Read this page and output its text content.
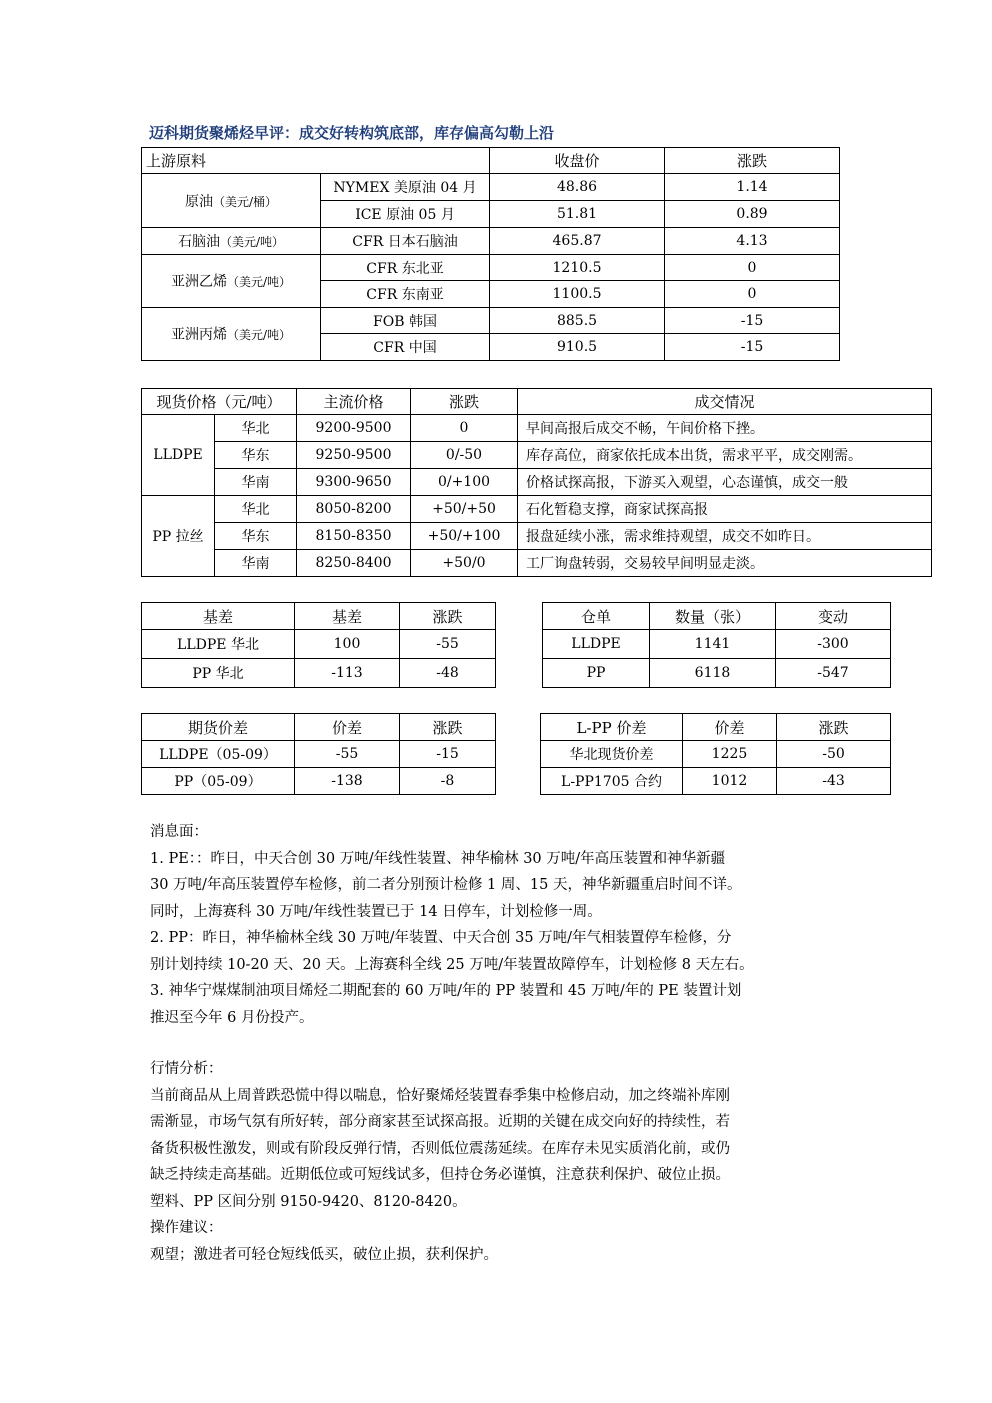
迈科期货聚烯烃早评：成交好转构筑底部，库存偏高勾勒上沿
上游原料		收盘价	涨跌
原油（美元/桶）	NYMEX 美原油 04 月	48.86	1.14
	ICE 原油 05 月	51.81	0.89
石脑油（美元/吨）	CFR 日本石脑油	465.87	4.13
亚洲乙烯（美元/吨）	CFR 东北亚	1210.5	0
	CFR 东南亚	1100.5	0
亚洲丙烯（美元/吨）	FOB 韩国	885.5	-15
	CFR 中国	910.5	-15
现货价格（元/吨）		主流价格	涨跌	成交情况
LLDPE	华北	9200-9500	0	早间高报后成交不畅，午间价格下挫。
	华东	9250-9500	0/-50	库存高位，商家依托成本出货，需求平平，成交刚需。
	华南	9300-9650	0/+100	价格试探高报，下游买入观望，心态谨慎，成交一般
PP 拉丝	华北	8050-8200	+50/+50	石化暂稳支撑，商家试探高报
	华东	8150-8350	+50/+100	报盘延续小涨，需求维持观望，成交不如昨日。
	华南	8250-8400	+50/0	工厂询盘转弱，交易较早间明显走淡。
基差	基差	涨跌
LLDPE 华北	100	-55
PP 华北	-113	-48
仓单	数量（张）	变动
LLDPE	1141	-300
PP	6118	-547
期货价差	价差	涨跌
LLDPE（05-09）	-55	-15
PP（05-09）	-138	-8
L-PP 价差	价差	涨跌
华北现货价差	1225	-50
L-PP1705 合约	1012	-43

消息面：

1. PE：：昨日，中天合创 30 万吨/年线性装置、神华榆林 30 万吨/年高压装置和神华新疆

30 万吨/年高压装置停车检修，前二者分别预计检修 1 周、15 天，神华新疆重启时间不详。

同时，上海赛科 30 万吨/年线性装置已于 14 日停车，计划检修一周。

2. PP：昨日，神华榆林全线 30 万吨/年装置、中天合创 35 万吨/年气相装置停车检修，分

别计划持续 10-20 天、20 天。上海赛科全线 25 万吨/年装置故障停车，计划检修 8 天左右。

3. 神华宁煤煤制油项目烯烃二期配套的 60 万吨/年的 PP 装置和 45 万吨/年的 PE 装置计划

推迟至今年 6 月份投产。

行情分析：

当前商品从上周普跌恐慌中得以喘息，恰好聚烯烃装置春季集中检修启动，加之终端补库刚

需渐显，市场气氛有所好转，部分商家甚至试探高报。近期的关键在成交向好的持续性，若

备货积极性激发，则或有阶段反弹行情，否则低位震荡延续。在库存未见实质消化前，或仍

缺乏持续走高基础。近期低位或可短线试多，但持仓务必谨慎，注意获利保护、破位止损。

塑料、PP 区间分别 9150-9420、8120-8420。

操作建议：

观望；激进者可轻仓短线低买，破位止损，获利保护。
